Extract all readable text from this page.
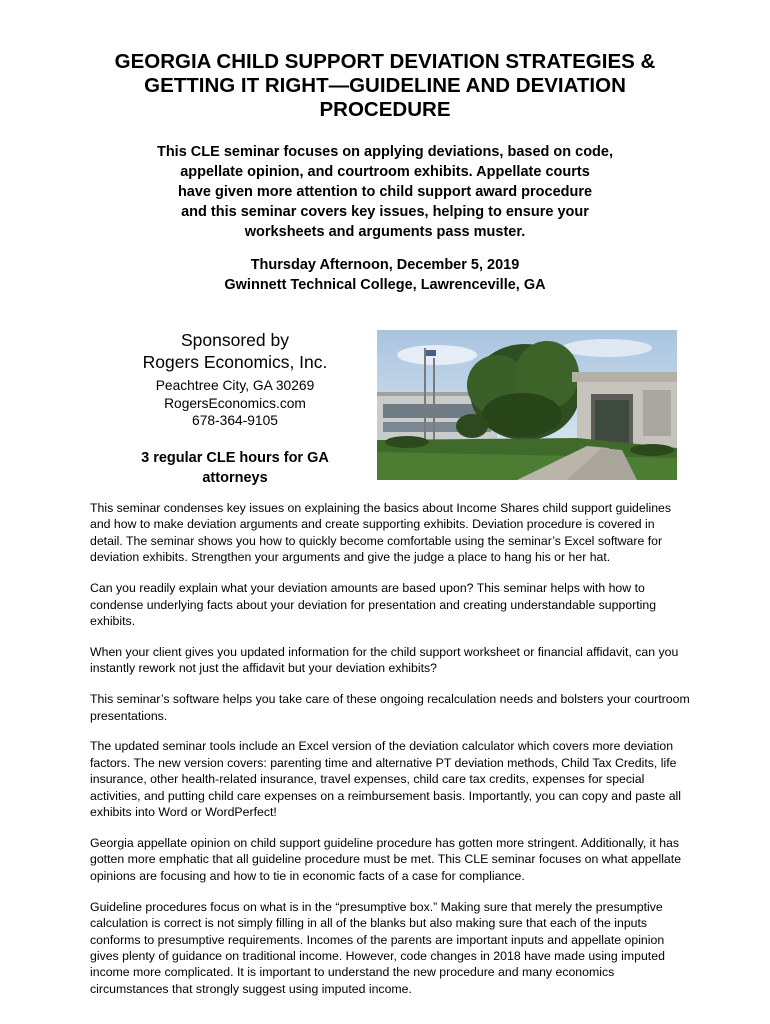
GEORGIA CHILD SUPPORT DEVIATION STRATEGIES &
GETTING IT RIGHT—GUIDELINE AND DEVIATION
PROCEDURE
This CLE seminar focuses on applying deviations, based on code,
appellate opinion, and courtroom exhibits. Appellate courts
have given more attention to child support award procedure
and this seminar covers key issues, helping to ensure your
worksheets and arguments pass muster.
Thursday Afternoon, December 5, 2019
Gwinnett Technical College, Lawrenceville, GA
Sponsored by
Rogers Economics, Inc.
Peachtree City, GA 30269
RogersEconomics.com
678-364-9105
3 regular CLE hours for GA
attorneys

This seminar condenses key issues on explaining the basics about Income Shares child support guidelines and how to make deviation arguments and create supporting exhibits. Deviation procedure is covered in detail. The seminar shows you how to quickly become comfortable using the seminar’s Excel software for deviation exhibits. Strengthen your arguments and give the judge a place to hang his or her hat.

Can you readily explain what your deviation amounts are based upon? This seminar helps with how to condense underlying facts about your deviation for presentation and creating understandable supporting exhibits.

When your client gives you updated information for the child support worksheet or financial affidavit, can you instantly rework not just the affidavit but your deviation exhibits?

This seminar’s software helps you take care of these ongoing recalculation needs and bolsters your courtroom presentations.

The updated seminar tools include an Excel version of the deviation calculator which covers more deviation factors. The new version covers: parenting time and alternative PT deviation methods, Child Tax Credits, life insurance, other health-related insurance, travel expenses, child care tax credits, expenses for special activities, and putting child care expenses on a reimbursement basis. Importantly, you can copy and paste all exhibits into Word or WordPerfect!

Georgia appellate opinion on child support guideline procedure has gotten more stringent. Additionally, it has gotten more emphatic that all guideline procedure must be met. This CLE seminar focuses on what appellate opinions are focusing and how to tie in economic facts of a case for compliance.

Guideline procedures focus on what is in the “presumptive box.” Making sure that merely the presumptive calculation is correct is not simply filling in all of the blanks but also making sure that each of the inputs conforms to presumptive requirements. Incomes of the parents are important inputs and appellate opinion gives plenty of guidance on traditional income. However, code changes in 2018 have made using imputed income more complicated. It is important to understand the new procedure and many economics circumstances that strongly suggest using imputed income.
